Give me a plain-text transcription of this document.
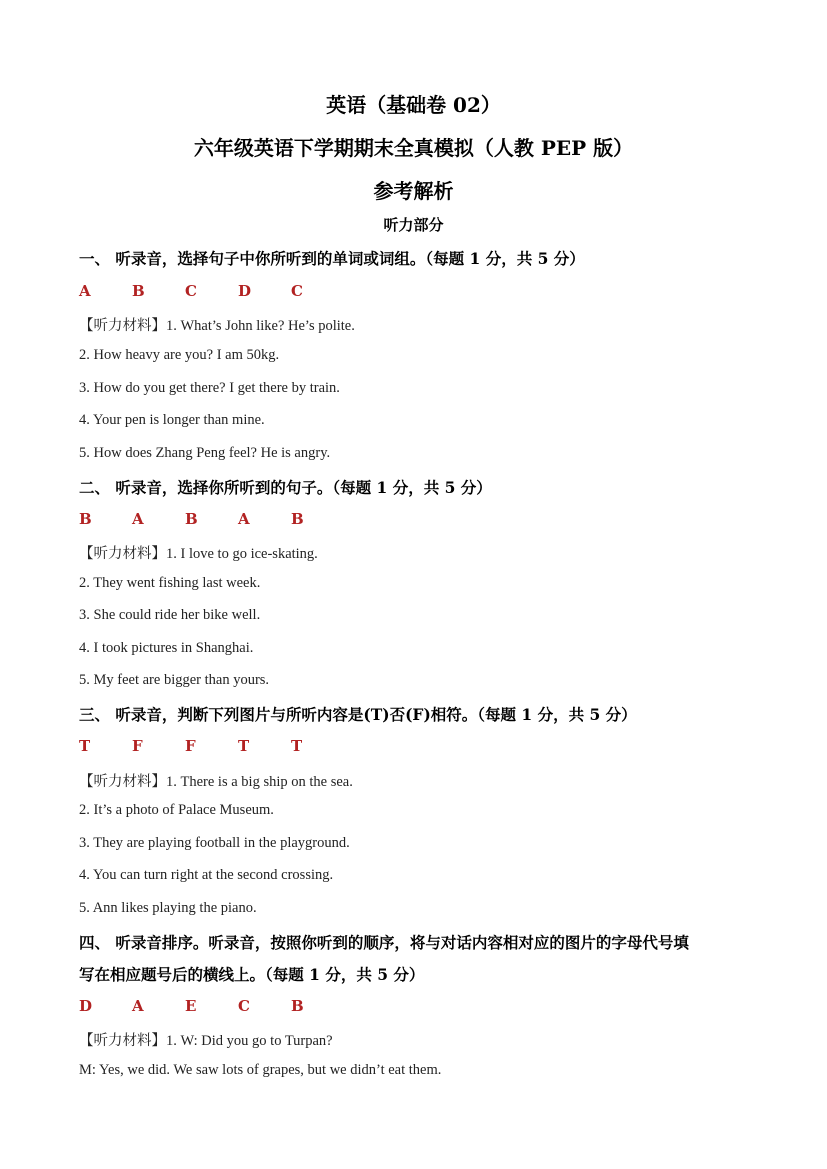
英语（基础卷 02）
六年级英语下学期期末全真模拟（人教 PEP 版）
参考解析
听力部分
一、 听录音，选择句子中你所听到的单词或词组。（每题 1 分，共 5 分）
A	B	C	D	C
【听力材料】1. What’s John like? He’s polite.
2. How heavy are you? I am 50kg.
3. How do you get there? I get there by train.
4. Your pen is longer than mine.
5. How does Zhang Peng feel? He is angry.
二、 听录音，选择你所听到的句子。（每题 1 分，共 5 分）
B	A	B	A	B
【听力材料】1. I love to go ice-skating.
2. They went fishing last week.
3. She could ride her bike well.
4. I took pictures in Shanghai.
5. My feet are bigger than yours.
三、 听录音，判断下列图片与所听内容是(T)否(F)相符。（每题 1 分，共 5 分）
T	F	F	T	T
【听力材料】1. There is a big ship on the sea.
2. It’s a photo of Palace Museum.
3. They are playing football in the playground.
4. You can turn right at the second crossing.
5. Ann likes playing the piano.
四、 听录音排序。听录音，按照你听到的顺序，将与对话内容相对应的图片的字母代号填
写在相应题号后的横线上。（每题 1 分，共 5 分）
D	A	E	C	B
【听力材料】1. W: Did you go to Turpan?
M: Yes, we did. We saw lots of grapes, but we didn’t eat them.
